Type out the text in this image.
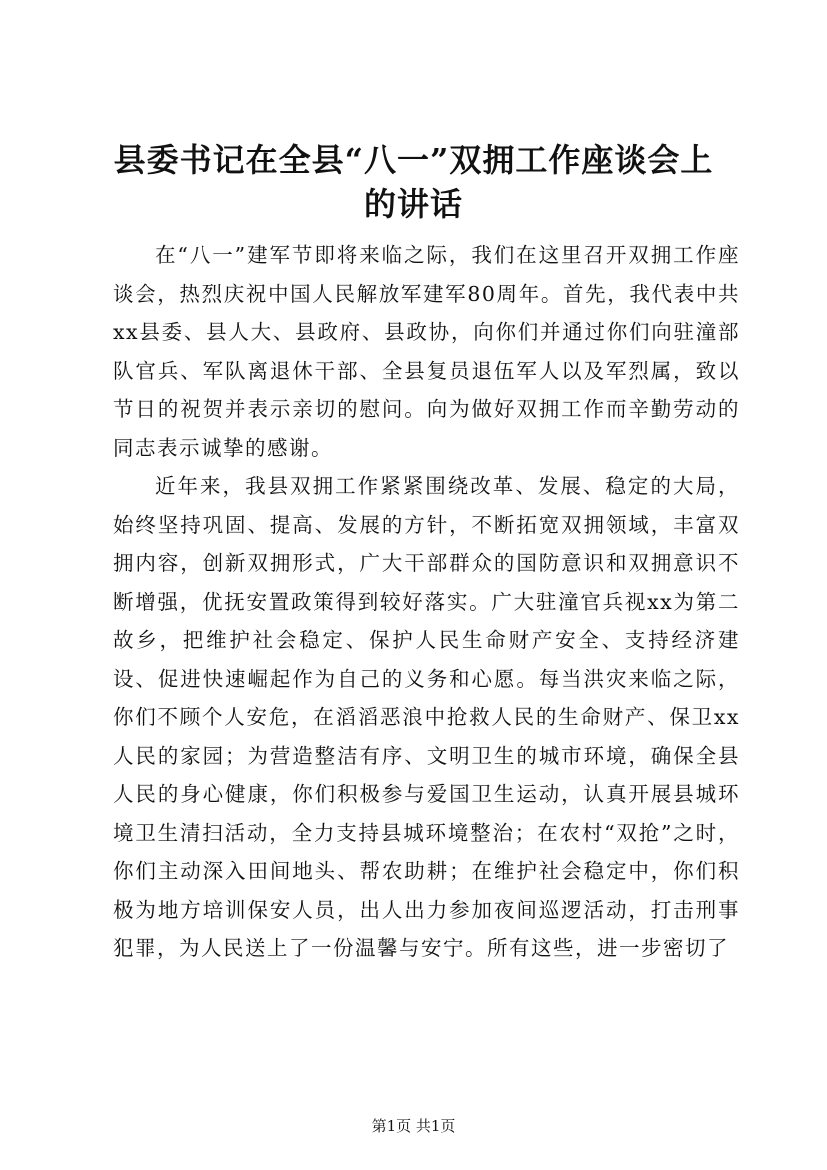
县委书记在全县“八一”双拥工作座谈会上的讲话

在“八一”建军节即将来临之际，我们在这里召开双拥工作座谈会，热烈庆祝中国人民解放军建军80周年。首先，我代表中共xx县委、县人大、县政府、县政协，向你们并通过你们向驻潼部队官兵、军队离退休干部、全县复员退伍军人以及军烈属，致以节日的祝贺并表示亲切的慰问。向为做好双拥工作而辛勤劳动的同志表示诚挚的感谢。

近年来，我县双拥工作紧紧围绕改革、发展、稳定的大局，始终坚持巩固、提高、发展的方针，不断拓宽双拥领域，丰富双拥内容，创新双拥形式，广大干部群众的国防意识和双拥意识不断增强，优抚安置政策得到较好落实。广大驻潼官兵视xx为第二故乡，把维护社会稳定、保护人民生命财产安全、支持经济建设、促进快速崛起作为自己的义务和心愿。每当洪灾来临之际，你们不顾个人安危，在滔滔恶浪中抢救人民的生命财产、保卫xx人民的家园；为营造整洁有序、文明卫生的城市环境，确保全县人民的身心健康，你们积极参与爱国卫生运动，认真开展县城环境卫生清扫活动，全力支持县城环境整治；在农村“双抢”之时，你们主动深入田间地头、帮农助耕；在维护社会稳定中，你们积极为地方培训保安人员，出人出力参加夜间巡逻活动，打击刑事犯罪，为人民送上了一份温馨与安宁。所有这些，进一步密切了

第1页 共1页
